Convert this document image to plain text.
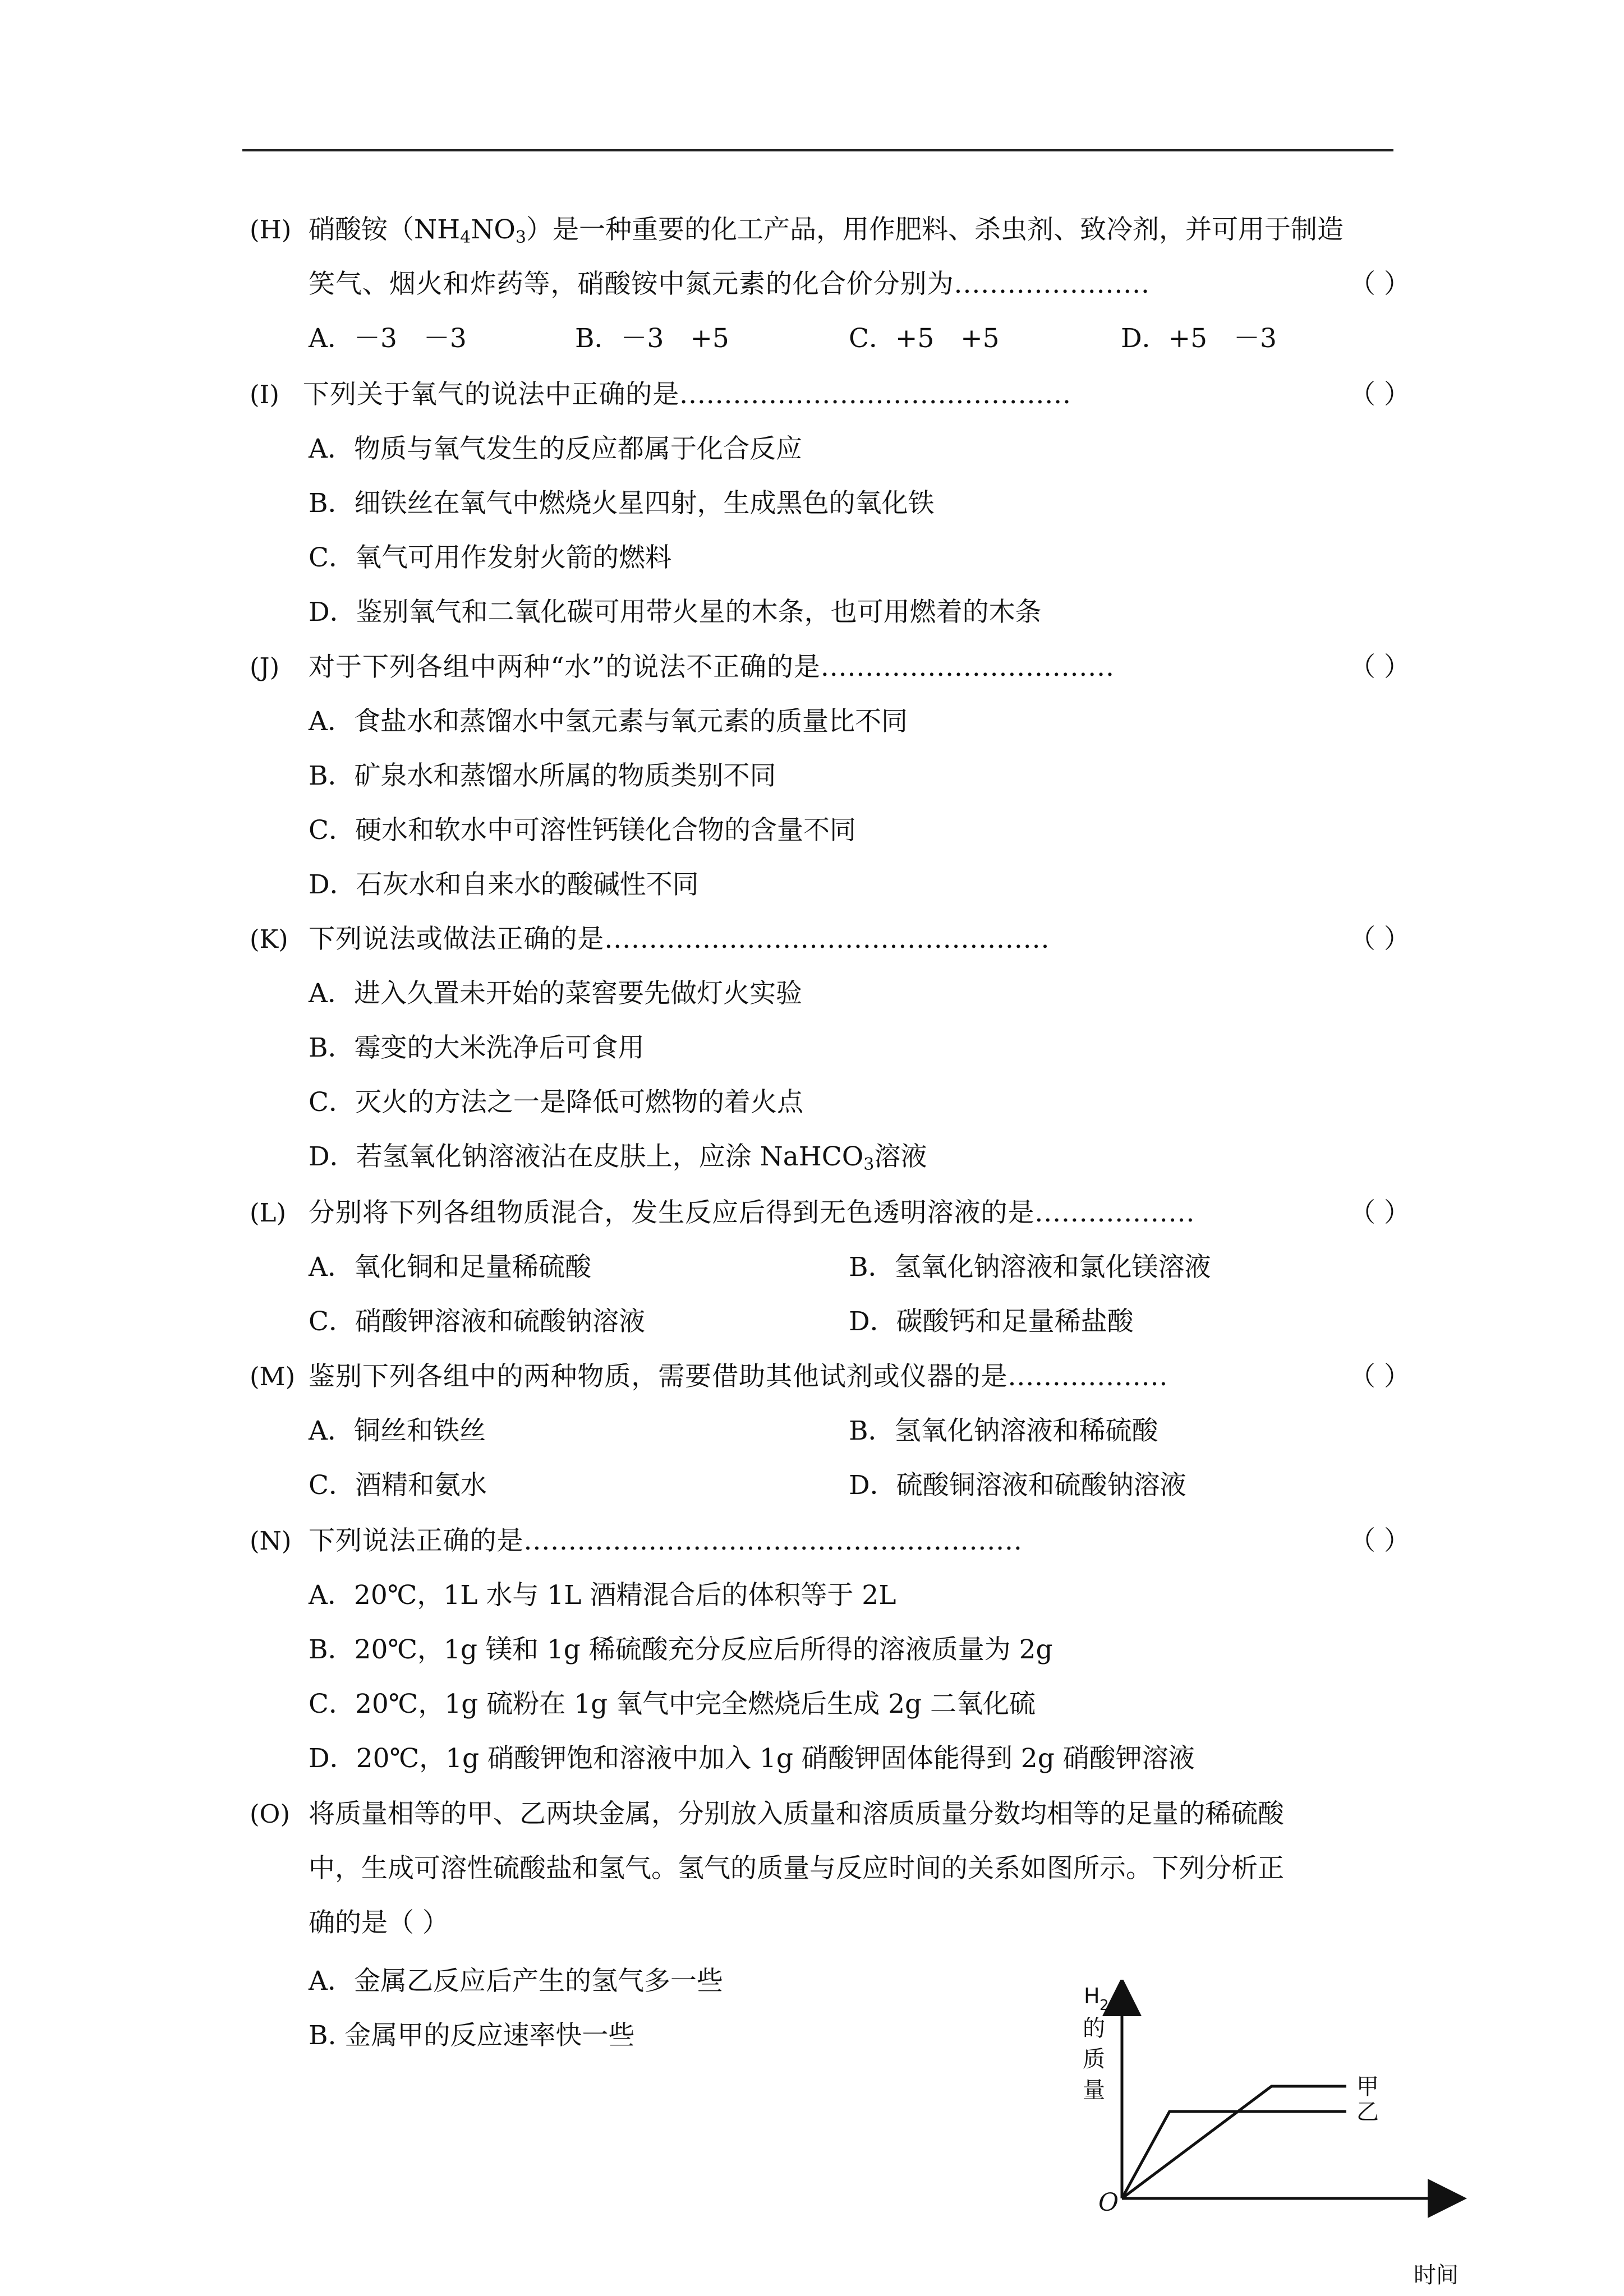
(H) 硝酸铵$(NH_4NO_3)$是一种重要的化工产品，用作肥料、杀虫剂、致冷剂，并可用于制造
笑气、烟火和炸药等，硝酸铵中氮元素的化合价分别为......................	（ ）
A．－3　－3	B．－3　+5	C．+5　+5	D．+5　－3
(I) 下列关于氧气的说法中正确的是............................................	（ ）
A．物质与氧气发生的反应都属于化合反应
B．细铁丝在氧气中燃烧火星四射，生成黑色的氧化铁
C．氧气可用作发射火箭的燃料
D．鉴别氧气和二氧化碳可用带火星的木条，也可用燃着的木条
(J) 对于下列各组中两种“水”的说法不正确的是.................................	（ ）
A．食盐水和蒸馏水中氢元素与氧元素的质量比不同
B．矿泉水和蒸馏水所属的物质类别不同
C．硬水和软水中可溶性钙镁化合物的含量不同
D．石灰水和自来水的酸碱性不同
(K) 下列说法或做法正确的是..................................................	（ ）
A．进入久置未开始的菜窖要先做灯火实验
B．霉变的大米洗净后可食用
C．灭火的方法之一是降低可燃物的着火点
D．若氢氧化钠溶液沾在皮肤上，应涂 NaHCO$_3$溶液
(L) 分别将下列各组物质混合，发生反应后得到无色透明溶液的是..................	（ ）
A．氧化铜和足量稀硫酸	B．氢氧化钠溶液和氯化镁溶液
C．硝酸钾溶液和硫酸钠溶液	D．碳酸钙和足量稀盐酸
(M) 鉴别下列各组中的两种物质，需要借助其他试剂或仪器的是..................	（ ）
A．铜丝和铁丝	B．氢氧化钠溶液和稀硫酸
C．酒精和氨水	D．硫酸铜溶液和硫酸钠溶液
(N) 下列说法正确的是........................................................	（ ）
A．20℃，1L 水与 1L 酒精混合后的体积等于 2L
B．20℃，1g 镁和 1g 稀硫酸充分反应后所得的溶液质量为 2g
C．20℃，1g 硫粉在 1g 氧气中完全燃烧后生成 2g 二氧化硫
D．20℃，1g 硝酸钾饱和溶液中加入 1g 硝酸钾固体能得到 2g 硝酸钾溶液
(O) 将质量相等的甲、乙两块金属，分别放入质量和溶质质量分数均相等的足量的稀硫酸
中，生成可溶性硫酸盐和氢气。氢气的质量与反应时间的关系如图所示。下列分析正
确的是（ ）
A．金属乙反应后产生的氢气多一些
B. 金属甲的反应速率快一些
H 2
的
质
量
O
时间
甲
乙
